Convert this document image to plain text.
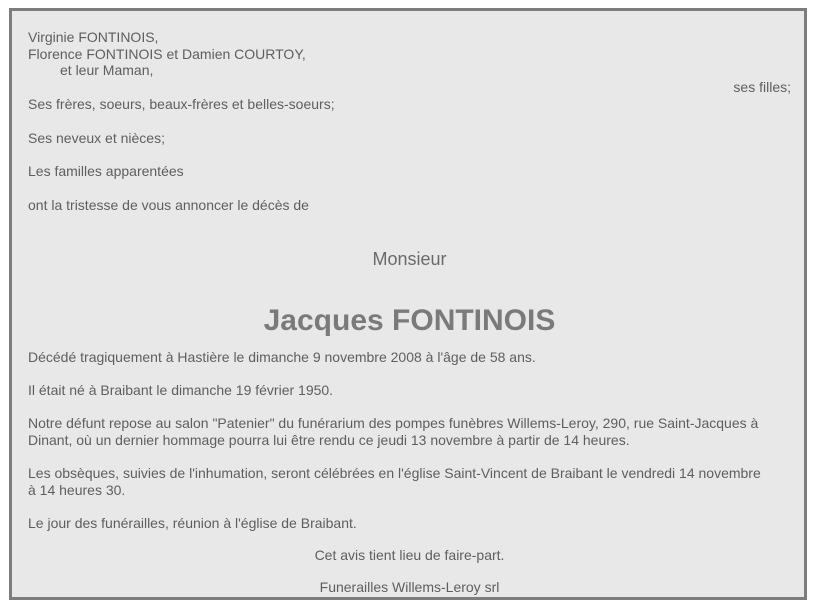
Virginie FONTINOIS,
Florence FONTINOIS et Damien COURTOY,
et leur Maman,
ses filles;
Ses frères, soeurs, beaux-frères et belles-soeurs;
Ses neveux et nièces;
Les familles apparentées
ont la tristesse de vous annoncer le décès de
Monsieur
Jacques FONTINOIS
Décédé tragiquement à Hastière le dimanche 9 novembre 2008 à l'âge de 58 ans.
Il était né à Braibant le dimanche 19 février 1950.
Notre défunt repose au salon "Patenier" du funérarium des pompes funèbres Willems-Leroy, 290, rue Saint-Jacques à
Dinant, où un dernier hommage pourra lui être rendu ce jeudi 13 novembre à partir de 14 heures.
Les obsèques, suivies de l'inhumation, seront célébrées en l'église Saint-Vincent de Braibant le vendredi 14 novembre
à 14 heures 30.
Le jour des funérailles, réunion à l'église de Braibant.
Cet avis tient lieu de faire-part.
Funerailles Willems-Leroy srl
